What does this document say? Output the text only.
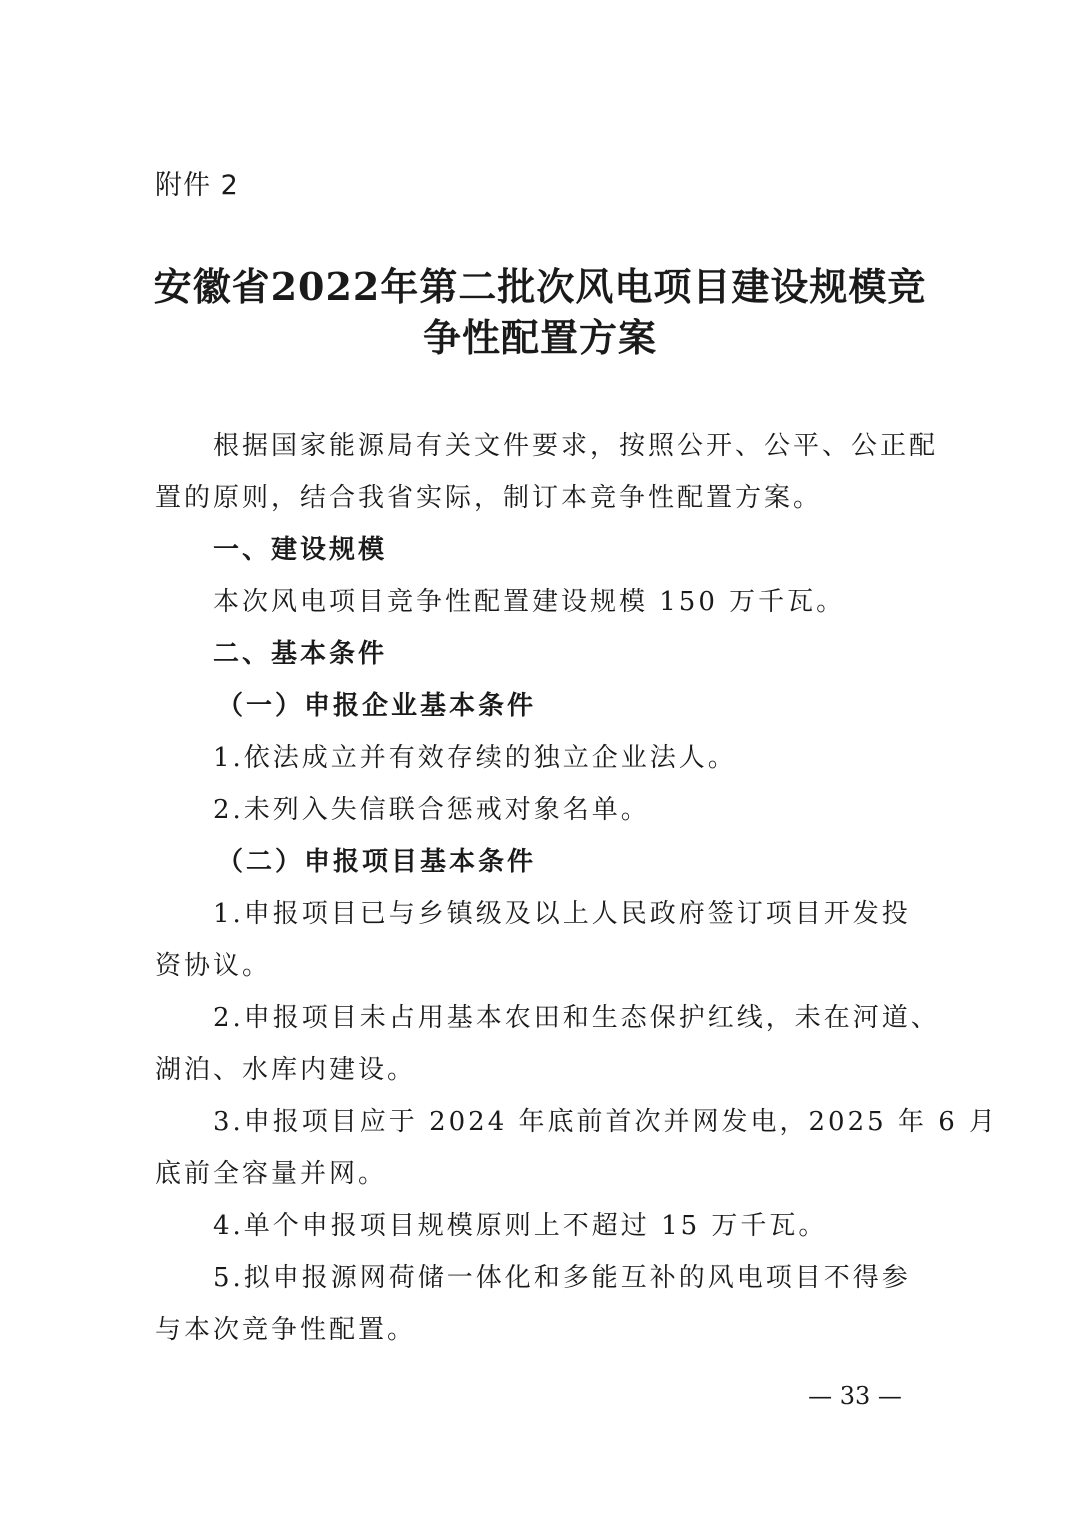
附件 2
安徽省2022年第二批次风电项目建设规模竞
争性配置方案
根据国家能源局有关文件要求，按照公开、公平、公正配
置的原则，结合我省实际，制订本竞争性配置方案。
一、建设规模
本次风电项目竞争性配置建设规模 150 万千瓦。
二、基本条件
（一）申报企业基本条件
1.依法成立并有效存续的独立企业法人。
2.未列入失信联合惩戒对象名单。
（二）申报项目基本条件
1.申报项目已与乡镇级及以上人民政府签订项目开发投
资协议。
2.申报项目未占用基本农田和生态保护红线，未在河道、
湖泊、水库内建设。
3.申报项目应于 2024 年底前首次并网发电，2025 年 6 月
底前全容量并网。
4.单个申报项目规模原则上不超过 15 万千瓦。
5.拟申报源网荷储一体化和多能互补的风电项目不得参
与本次竞争性配置。
— 33 —
